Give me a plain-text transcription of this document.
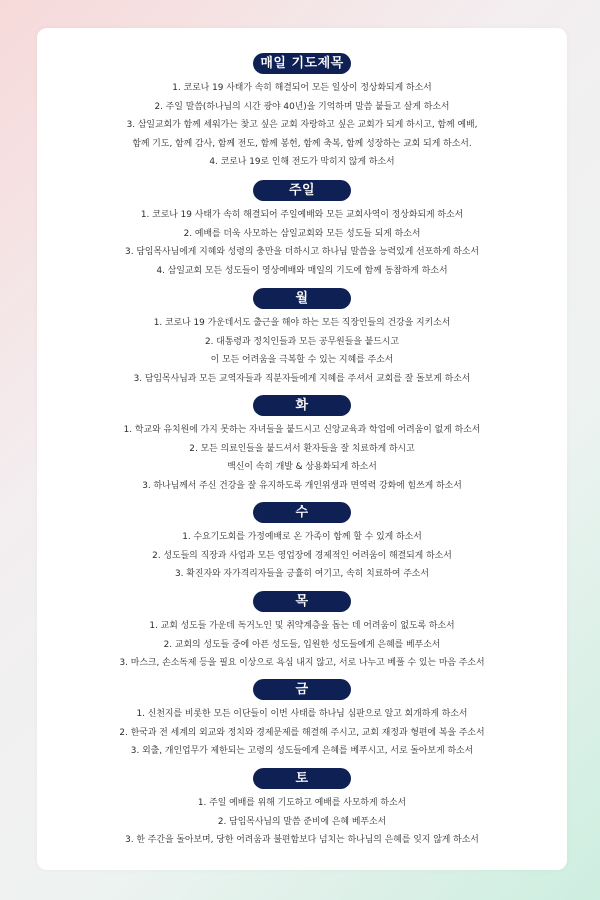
매일 기도제목
1. 코로나 19 사태가 속히 해결되어 모든 일상이 정상화되게 하소서
2. 주일 말씀(하나님의 시간 광야 40년)을 기억하며 말씀 붙들고 살게 하소서
3. 삼일교회가 함께 세워가는 찾고 싶은 교회 자랑하고 싶은 교회가 되게 하시고, 함께 예배,
함께 기도, 함께 감사, 함께 전도, 함께 봉헌, 함께 축복, 함께 성장하는 교회 되게 하소서.
4. 코로나 19로 인해 전도가 막히지 않게 하소서
주일
1. 코로나 19 사태가 속히 해결되어 주일예배와 모든 교회사역이 정상화되게 하소서
2. 예배를 더욱 사모하는 삼일교회와 모든 성도들 되게 하소서
3. 담임목사님에게 지혜와 성령의 충만을 더하시고 하나님 말씀을 능력있게 선포하게 하소서
4. 삼일교회 모든 성도들이 영상예배와 매일의 기도에 함께 동참하게 하소서
월
1. 코로나 19 가운데서도 출근을 해야 하는 모든 직장인들의 건강을 지키소서
2. 대통령과 정치인들과 모든 공무원들을 붙드시고
이 모든 어려움을 극복할 수 있는 지혜를 주소서
3. 담임목사님과 모든 교역자들과 직분자들에게 지혜를 주셔서 교회를 잘 돌보게 하소서
화
1. 학교와 유치원에 가지 못하는 자녀들을 붙드시고 신앙교육과 학업에 어려움이 없게 하소서
2. 모든 의료인들을 붙드셔서 환자들을 잘 치료하게 하시고
백신이 속히 개발 & 상용화되게 하소서
3. 하나님께서 주신 건강을 잘 유지하도록 개인위생과 면역력 강화에 힘쓰게 하소서
수
1. 수요기도회를 가정예배로 온 가족이 함께 할 수 있게 하소서
2. 성도들의 직장과 사업과 모든 영업장에 경제적인 어려움이 해결되게 하소서
3. 확진자와 자가격리자들을 긍휼히 여기고, 속히 치료하여 주소서
목
1. 교회 성도들 가운데 독거노인 및 취약계층을 돕는 데 어려움이 없도록 하소서
2. 교회의 성도들 중에 아픈 성도들, 입원한 성도들에게 은혜를 베푸소서
3. 마스크, 손소독제 등을 필요 이상으로 욕심 내지 않고, 서로 나누고 베풀 수 있는 마음 주소서
금
1. 신천지를 비롯한 모든 이단들이 이번 사태를 하나님 심판으로 알고 회개하게 하소서
2. 한국과 전 세계의 외교와 정치와 경제문제를 해결해 주시고, 교회 재정과 형편에 복을 주소서
3. 외출, 개인업무가 제한되는 고령의 성도들에게 은혜를 베푸시고, 서로 돌아보게 하소서
토
1. 주일 예배를 위해 기도하고 예배를 사모하게 하소서
2. 담임목사님의 말씀 준비에 은혜 베푸소서
3. 한 주간을 돌아보며, 당한 어려움과 불편함보다 넘치는 하나님의 은혜를 잊지 않게 하소서
